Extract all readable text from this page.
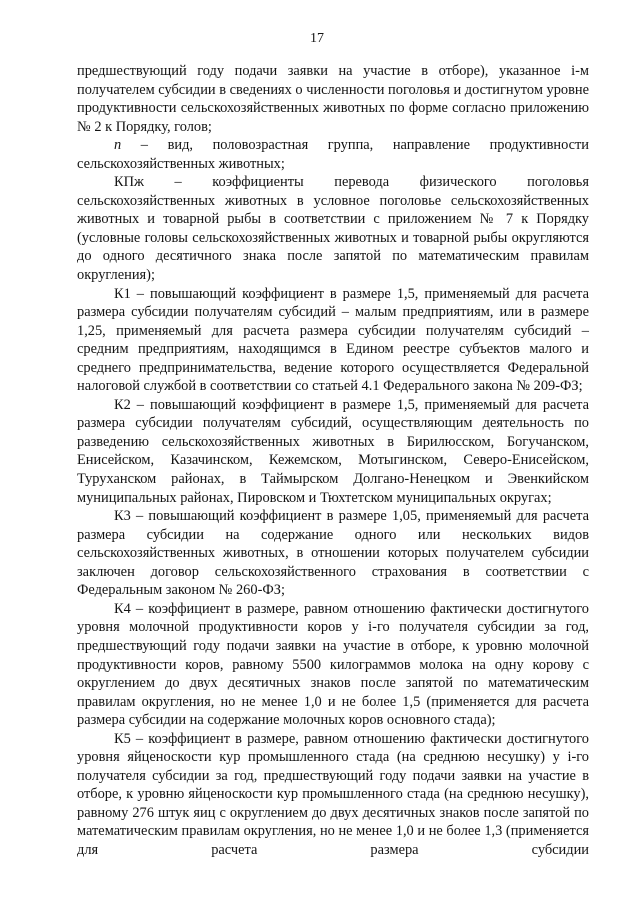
17

предшествующий году подачи заявки на участие в отборе), указанное i-м получателем субсидии в сведениях о численности поголовья и достигнутом уровне продуктивности сельскохозяйственных животных по форме согласно приложению № 2 к Порядку, голов;

n – вид, половозрастная группа, направление продуктивности сельскохозяйственных животных;

КПж – коэффициенты перевода физического поголовья сельскохозяйственных животных в условное поголовье сельскохозяйственных животных и товарной рыбы в соответствии с приложением № 7 к Порядку (условные головы сельскохозяйственных животных и товарной рыбы округляются до одного десятичного знака после запятой по математическим правилам округления);

К1 – повышающий коэффициент в размере 1,5, применяемый для расчета размера субсидии получателям субсидий – малым предприятиям, или в размере 1,25, применяемый для расчета размера субсидии получателям субсидий – средним предприятиям, находящимся в Едином реестре субъектов малого и среднего предпринимательства, ведение которого осуществляется Федеральной налоговой службой в соответствии со статьей 4.1 Федерального закона № 209-ФЗ;

К2 – повышающий коэффициент в размере 1,5, применяемый для расчета размера субсидии получателям субсидий, осуществляющим деятельность по разведению сельскохозяйственных животных в Бирилюсском, Богучанском, Енисейском, Казачинском, Кежемском, Мотыгинском, Северо-Енисейском, Туруханском районах, в Таймырском Долгано-Ненецком и Эвенкийском муниципальных районах, Пировском и Тюхтетском муниципальных округах;

К3 – повышающий коэффициент в размере 1,05, применяемый для расчета размера субсидии на содержание одного или нескольких видов сельскохозяйственных животных, в отношении которых получателем субсидии заключен договор сельскохозяйственного страхования в соответствии с Федеральным законом № 260-ФЗ;

К4 – коэффициент в размере, равном отношению фактически достигнутого уровня молочной продуктивности коров у i-го получателя субсидии за год, предшествующий году подачи заявки на участие в отборе, к уровню молочной продуктивности коров, равному 5500 килограммов молока на одну корову с округлением до двух десятичных знаков после запятой по математическим правилам округления, но не менее 1,0 и не более 1,5 (применяется для расчета размера субсидии на содержание молочных коров основного стада);

К5 – коэффициент в размере, равном отношению фактически достигнутого уровня яйценоскости кур промышленного стада (на среднюю несушку) у i-го получателя субсидии за год, предшествующий году подачи заявки на участие в отборе, к уровню яйценоскости кур промышленного стада (на среднюю несушку), равному 276 штук яиц с округлением до двух десятичных знаков после запятой по математическим правилам округления, но не менее 1,0 и не более 1,3 (применяется для расчета размера субсидии
